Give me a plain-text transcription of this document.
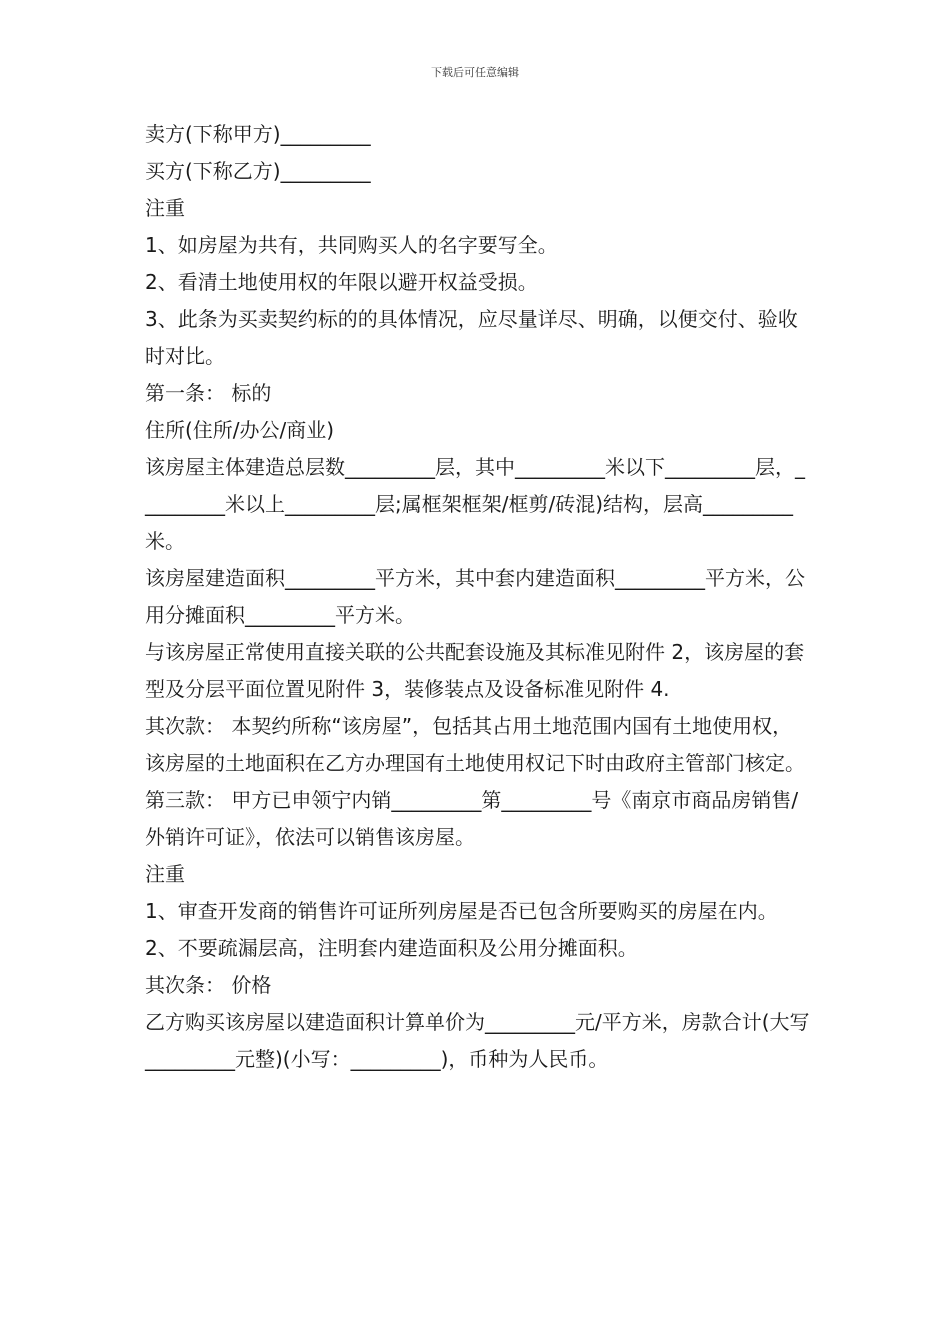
下载后可任意编辑

卖方(下称甲方)_________

买方(下称乙方)_________

注重

1、如房屋为共有，共同购买人的名字要写全。

2、看清土地使用权的年限以避开权益受损。

3、此条为买卖契约标的的具体情况，应尽量详尽、明确，以便交付、验收时对比。

第一条： 标的

住所(住所/办公/商业)

该房屋主体建造总层数_________层，其中_________米以下_________层，_________米以上_________层;属框架框架/框剪/砖混)结构，层高_________米。

该房屋建造面积_________平方米，其中套内建造面积_________平方米，公用分摊面积_________平方米。

与该房屋正常使用直接关联的公共配套设施及其标准见附件 2，该房屋的套型及分层平面位置见附件 3，装修装点及设备标准见附件 4.

其次款： 本契约所称“该房屋”，包括其占用土地范围内国有土地使用权，该房屋的土地面积在乙方办理国有土地使用权记下时由政府主管部门核定。

第三款： 甲方已申领宁内销_________第_________号《南京市商品房销售/外销许可证》，依法可以销售该房屋。

注重

1、审查开发商的销售许可证所列房屋是否已包含所要购买的房屋在内。

2、不要疏漏层高，注明套内建造面积及公用分摊面积。

其次条： 价格

乙方购买该房屋以建造面积计算单价为_________元/平方米，房款合计(大写_________元整)(小写：_________)，币种为人民币。
